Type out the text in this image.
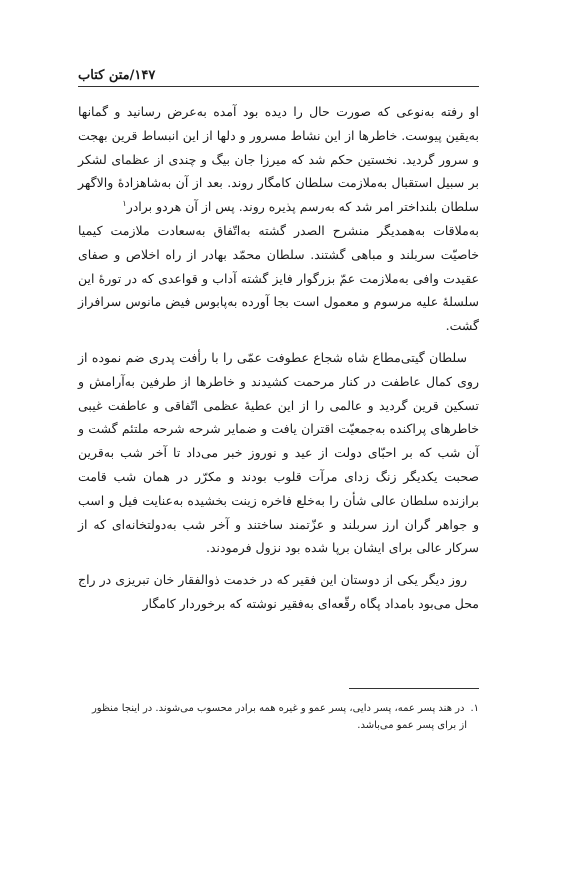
۱۴۷/متن کتاب

او رفته به‌نوعی که صورت حال را دیده بود آمده به‌عرض رسانید و گمانها به‌یقین پیوست. خاطرها از این نشاط مسرور و دلها از این انبساط قرین بهجت و سرور گردید. نخستین حکم شد که میرزا جان بیگ و چندی از عظمای لشکر بر سبیل استقبال به‌ملازمت سلطان کامگار روند. بعد از آن به‌شاهزادهٔ والاگهر سلطان بلنداختر امر شد که به‌رسم پذیره روند. پس از آن هردو برادر$^۱$

به‌ملاقات به‌همدیگر منشرح الصدر گشته به‌اتّفاق به‌سعادت ملازمت کیمیا خاصیّت سربلند و مباهی گشتند. سلطان محمّد بهادر از راه اخلاص و صفای عقیدت وافی به‌ملازمت عمّ بزرگوار فایز گشته آداب و قواعدی که در تورهٔ این سلسلهٔ علیه مرسوم و معمول است بجا آورده به‌پابوس فیض مانوس سرافراز گشت.

سلطان گیتی‌مطاع شاه شجاع عطوفت عمّی را با رأفت پدری ضم نموده از روی کمال عاطفت در کنار مرحمت کشیدند و خاطرها از طرفین به‌آرامش و تسکین قرین گردید و عالمی را از این عطیهٔ عظمی اتّفاقی و عاطفت غیبی خاطرهای پراکنده به‌جمعیّت اقتران یافت و ضمایر شرحه شرحه ملتئم گشت و آن شب که بر احبّای دولت از عید و نوروز خبر می‌داد تا آخر شب به‌قرین صحبت یکدیگر زنگ زدای مرآت قلوب بودند و مکرّر در همان شب قامت برازنده سلطان عالی شأن را به‌خلع فاخره زینت بخشیده به‌عنایت فیل و اسب و جواهر گران ارز سربلند و عزّتمند ساختند و آخر شب به‌دولتخانه‌ای که از سرکار عالی برای ایشان برپا شده بود نزول فرمودند.

روز دیگر یکی از دوستان این فقیر که در خدمت ذوالفقار خان تبریزی در راج محل می‌بود بامداد پگاه رقّعه‌ای به‌فقیر نوشته که برخوردار کامگار

۱.در هند پسر عمه، پسر دایی، پسر عمو و غیره همه برادر محسوب می‌شوند. در اینجا منظور
از برای پسر عمو می‌باشد.
